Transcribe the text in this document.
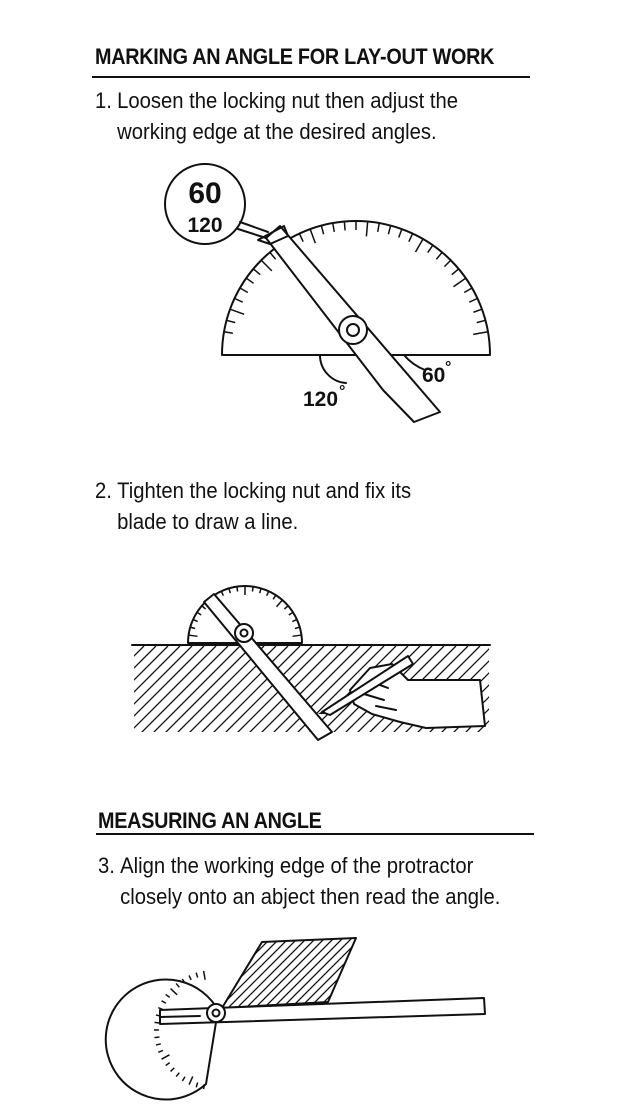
MARKING AN ANGLE FOR LAY-OUT WORK
1. Loosen the locking nut then adjust the
working edge at the desired angles.
60
120
60 °
120 °
2. Tighten the locking nut and fix its
blade to draw a line.
MEASURING AN ANGLE
3. Align the working edge of the protractor
closely onto an abject then read the angle.
